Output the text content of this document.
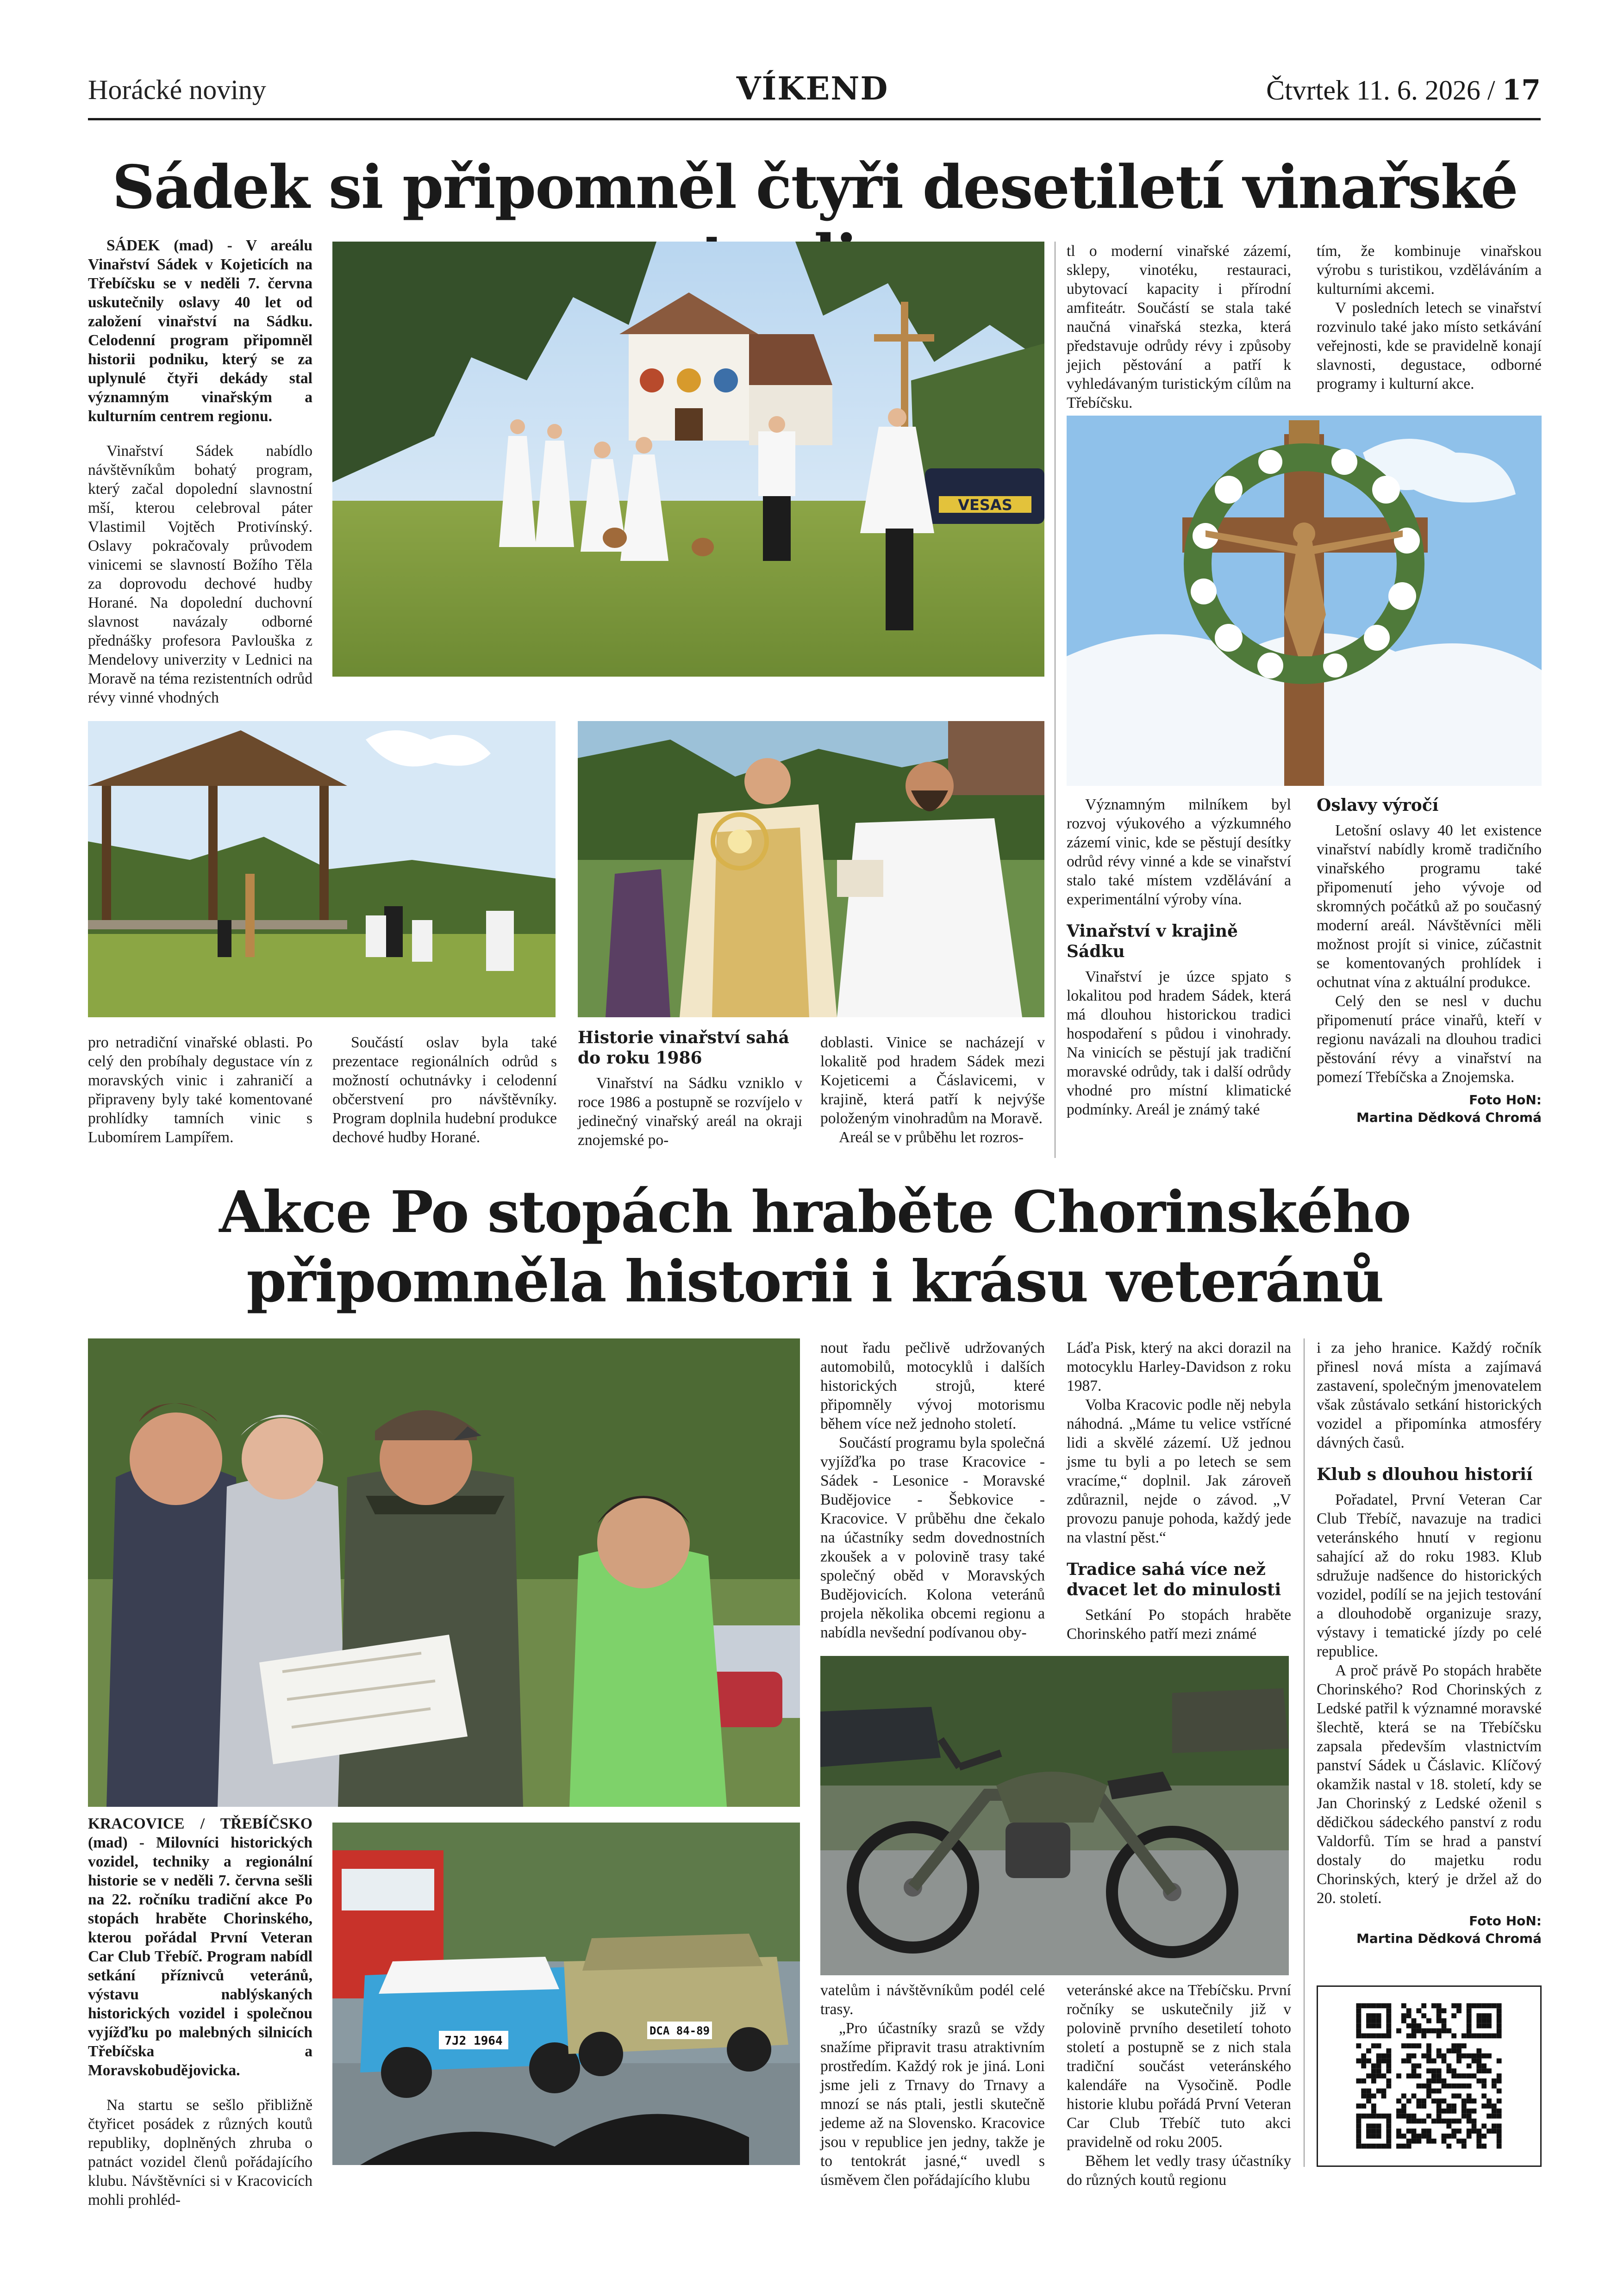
Horácké noviny	VÍKEND	Čtvrtek 11. 6. 2026 / 17
Sádek si připomněl čtyři desetiletí vinařské

SÁDEK (mad) - V areálu Vinařství Sádek v Kojeticích na Třebíčsku se v neděli 7. června uskutečnily oslavy 40 let od založení vinařství na Sádku. Celodenní program připomněl historii podniku, který se za uplynulé čtyři dekády stal významným vinařským a kulturním centrem regionu.

Vinařství Sádek nabídlo návštěvníkům bohatý program, který začal dopolední slavnostní mší, kterou celebroval páter Vlastimil Vojtěch Protivínský. Oslavy pokračovaly průvodem vinicemi se slavností Božího Těla za doprovodu dechové hudby Horané. Na dopolední duchovní slavnost navázaly odborné přednášky profesora Pavlouška z Mendelovy univerzity v Lednici na Moravě na téma rezistentních odrůd révy vinné vhodných

VESAS

pro netradiční vinařské oblasti. Po celý den probíhaly degustace vín z moravských vinic i zahraničí a připraveny byly také komentované prohlídky tamních vinic s Lubomírem Lampířem.

Součástí oslav byla také prezentace regionálních odrůd s možností ochutnávky i celodenní občerstvení pro návštěvníky. Program doplnila hudební produkce dechové hudby Horané.

Historie vinařství sahá do roku 1986

Vinařství na Sádku vzniklo v roce 1986 a postupně se rozvíjelo v jedinečný vinařský areál na okraji znojemské po-

doblasti. Vinice se nacházejí v lokalitě pod hradem Sádek mezi Kojeticemi a Čáslavicemi, v krajině, která patří k nejvýše položeným vinohradům na Moravě.

Areál se v průběhu let rozros-

tl o moderní vinařské zázemí, sklepy, vinotéku, restauraci, ubytovací kapacity i přírodní amfiteátr. Součástí se stala také naučná vinařská stezka, která představuje odrůdy révy i způsoby jejich pěstování a patří k vyhledávaným turistickým cílům na Třebíčsku.

tím, že kombinuje vinařskou výrobu s turistikou, vzděláváním a kulturními akcemi.

V posledních letech se vinařství rozvinulo také jako místo setkávání veřejnosti, kde se pravidelně konají slavnosti, degustace, odborné programy i kulturní akce.

Významným milníkem byl rozvoj výukového a výzkumného zázemí vinic, kde se pěstují desítky odrůd révy vinné a kde se vinařství stalo také místem vzdělávání a experimentální výroby vína.

Vinařství v krajině Sádku

Vinařství je úzce spjato s lokalitou pod hradem Sádek, která má dlouhou historickou tradici hospodaření s půdou i vinohrady. Na vinicích se pěstují jak tradiční moravské odrůdy, tak i další odrůdy vhodné pro místní klimatické podmínky. Areál je známý také

Oslavy výročí

Letošní oslavy 40 let existence vinařství nabídly kromě tradičního vinařského programu také připomenutí jeho vývoje od skromných počátků až po současný moderní areál. Návštěvníci měli možnost projít si vinice, zúčastnit se komentovaných prohlídek i ochutnat vína z aktuální produkce.

Celý den se nesl v duchu připomenutí práce vinařů, kteří v regionu navázali na dlouhou tradici pěstování révy a vinařství na pomezí Třebíčska a Znojemska.

Foto HoN:
Martina Dědková Chromá
Akce Po stopách hraběte Chorinského
připomněla historii i krásu veteránů

KRACOVICE / TŘEBÍČSKO (mad) - Milovníci historických vozidel, techniky a regionální historie se v neděli 7. června sešli na 22. ročníku tradiční akce Po stopách hraběte Chorinského, kterou pořádal První Veteran Car Club Třebíč. Program nabídl setkání příznivců veteránů, výstavu nablýskaných historických vozidel i společnou vyjížďku po malebných silnicích Třebíčska a Moravskobudějovicka.

Na startu se sešlo přibližně čtyřicet posádek z různých koutů republiky, doplněných zhruba o patnáct vozidel členů pořádajícího klubu. Návštěvníci si v Kracovicích mohli prohléd-

7J2 1964
DCA 84-89

nout řadu pečlivě udržovaných automobilů, motocyklů i dalších historických strojů, které připomněly vývoj motorismu během více než jednoho století.

Součástí programu byla společná vyjížďka po trase Kracovice - Sádek - Lesonice - Moravské Budějovice - Šebkovice - Kracovice. V průběhu dne čekalo na účastníky sedm dovednostních zkoušek a v polovině trasy také společný oběd v Moravských Budějovicích. Kolona veteránů projela několika obcemi regionu a nabídla nevšední podívanou oby-

Láďa Pisk, který na akci dorazil na motocyklu Harley-Davidson z roku 1987.

Volba Kracovic podle něj nebyla náhodná. „Máme tu velice vstřícné lidi a skvělé zázemí. Už jednou jsme tu byli a po letech se sem vracíme,“ doplnil. Jak zároveň zdůraznil, nejde o závod. „V provozu panuje pohoda, každý jede na vlastní pěst.“

Tradice sahá více než dvacet let do minulosti

Setkání Po stopách hraběte Chorinského patří mezi známé

vatelům i návštěvníkům podél celé trasy.

„Pro účastníky srazů se vždy snažíme připravit trasu atraktivním prostředím. Každý rok je jiná. Loni jsme jeli z Trnavy do Trnavy a mnozí se nás ptali, jestli skutečně jedeme až na Slovensko. Kracovice jsou v republice jen jedny, takže je to tentokrát jasné,“ uvedl s úsměvem člen pořádajícího klubu

veteránské akce na Třebíčsku. První ročníky se uskutečnily již v polovině prvního desetiletí tohoto století a postupně se z nich stala tradiční součást veteránského kalendáře na Vysočině. Podle historie klubu pořádá První Veteran Car Club Třebíč tuto akci pravidelně od roku 2005.

Během let vedly trasy účastníky do různých koutů regionu

i za jeho hranice. Každý ročník přinesl nová místa a zajímavá zastavení, společným jmenovatelem však zůstávalo setkání historických vozidel a připomínka atmosféry dávných časů.

Klub s dlouhou historií

Pořadatel, První Veteran Car Club Třebíč, navazuje na tradici veteránského hnutí v regionu sahající až do roku 1983. Klub sdružuje nadšence do historických vozidel, podílí se na jejich testování a dlouhodobě organizuje srazy, výstavy i tematické jízdy po celé republice.

A proč právě Po stopách hraběte Chorinského? Rod Chorinských z Ledské patřil k významné moravské šlechtě, která se na Třebíčsku zapsala především vlastnictvím panství Sádek u Čáslavic. Klíčový okamžik nastal v 18. století, kdy se Jan Chorinský z Ledské oženil s dědičkou sádeckého panství z rodu Valdorfů. Tím se hrad a panství dostaly do majetku rodu Chorinských, který je držel až do 20. století.

Foto HoN:
Martina Dědková Chromá
